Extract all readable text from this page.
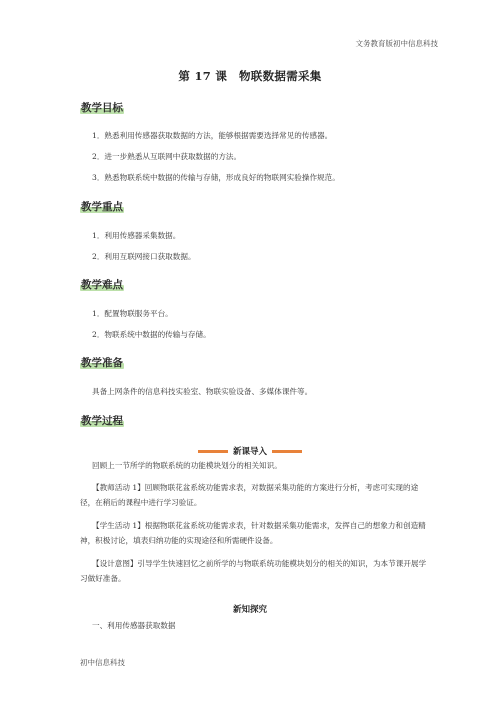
文务教育版初中信息科技
第 17 课　物联数据需采集
教学目标
1．熟悉利用传感器获取数据的方法，能够根据需要选择常见的传感器。
2．进一步熟悉从互联网中获取数据的方法。
3．熟悉物联系统中数据的传输与存储，形成良好的物联网实验操作规范。
教学重点
1．利用传感器采集数据。
2．利用互联网接口获取数据。
教学难点
1．配置物联服务平台。
2．物联系统中数据的传输与存储。
教学准备
具备上网条件的信息科技实验室、物联实验设备、多媒体课件等。
教学过程
新课导入
回顾上一节所学的物联系统的功能模块划分的相关知识。
【教师活动 1】回顾物联花盆系统功能需求表，对数据采集功能的方案进行分析，考虑可实现的途径，在稍后的课程中进行学习验证。
【学生活动 1】根据物联花盆系统功能需求表，针对数据采集功能需求，发挥自己的想象力和创造精神，积极讨论，填表归纳功能的实现途径和所需硬件设备。
【设计意图】引导学生快速回忆之前所学的与物联系统功能模块划分的相关的知识，为本节课开展学习做好准备。
新知探究
一、利用传感器获取数据
初中信息科技
